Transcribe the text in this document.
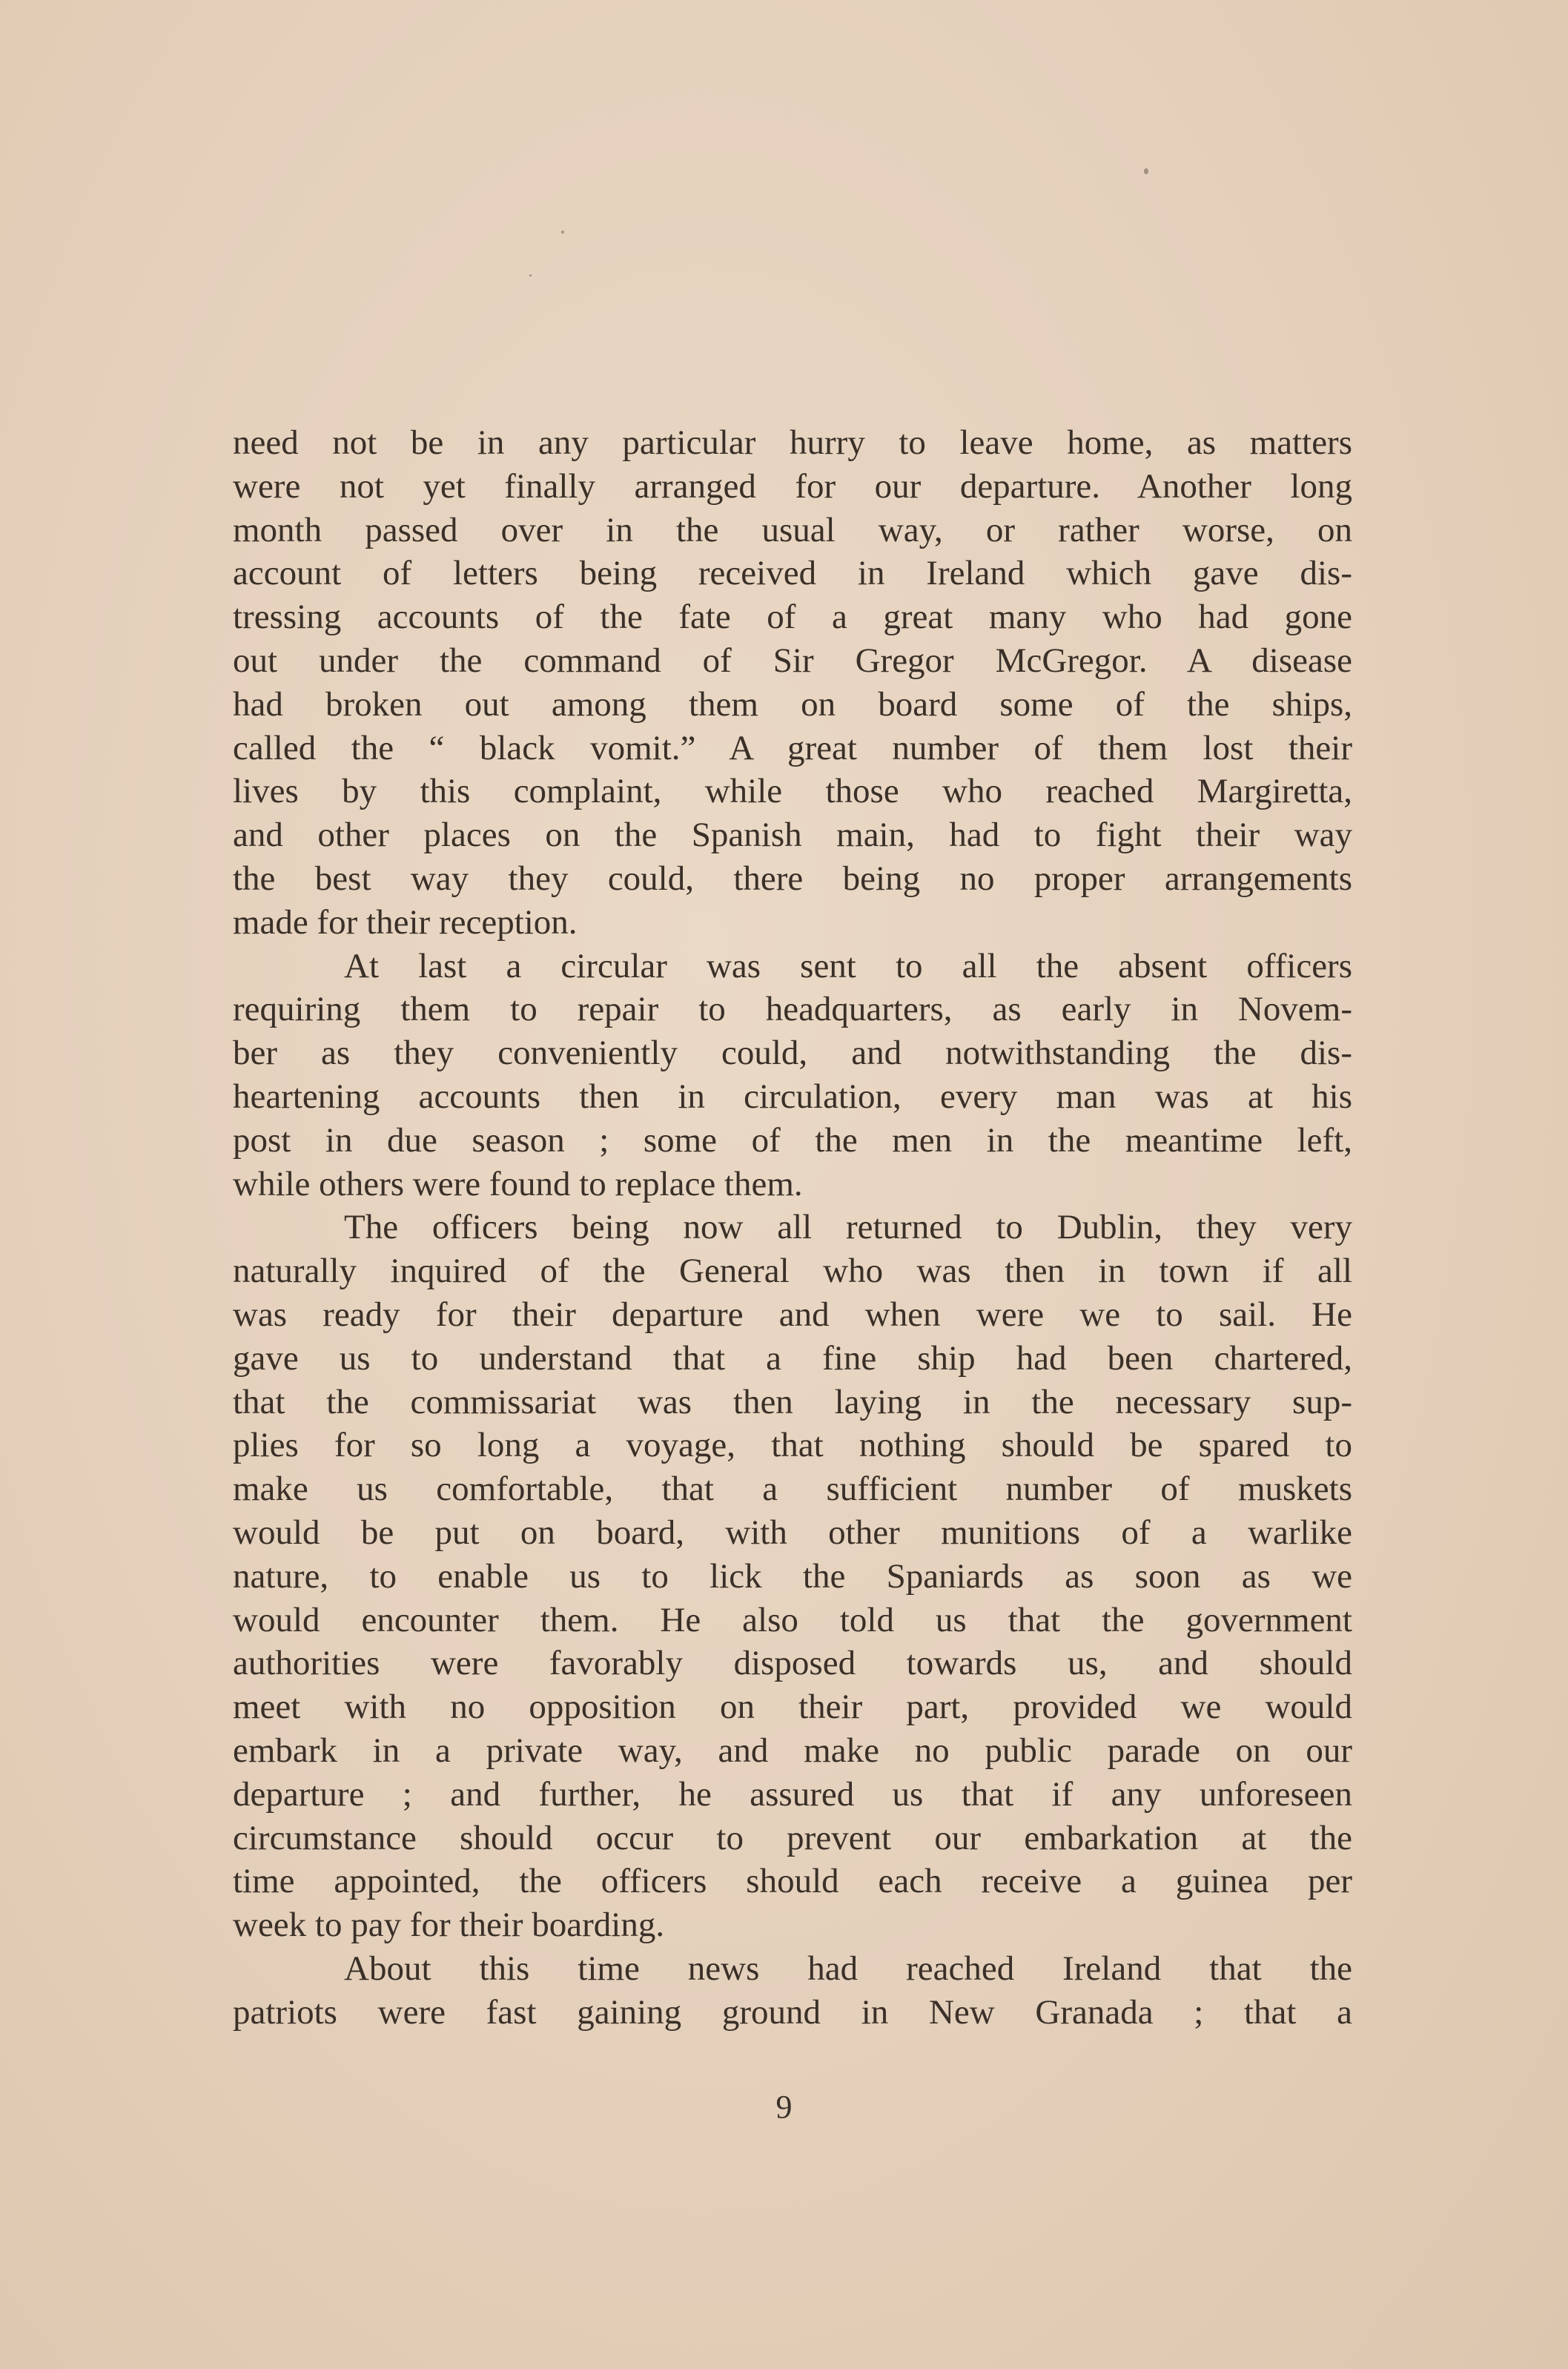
need not be in any particular hurry to leave home, as matters
were not yet finally arranged for our departure. Another long
month passed over in the usual way, or rather worse, on
account of letters being received in Ireland which gave dis-
tressing accounts of the fate of a great many who had gone
out under the command of Sir Gregor McGregor. A disease
had broken out among them on board some of the ships,
called the “ black vomit.” A great number of them lost their
lives by this complaint, while those who reached Margiretta,
and other places on the Spanish main, had to fight their way
the best way they could, there being no proper arrangements
made for their reception.
At last a circular was sent to all the absent officers
requiring them to repair to headquarters, as early in Novem-
ber as they conveniently could, and notwithstanding the dis-
heartening accounts then in circulation, every man was at his
post in due season ; some of the men in the meantime left,
while others were found to replace them.
The officers being now all returned to Dublin, they very
naturally inquired of the General who was then in town if all
was ready for their departure and when were we to sail. He
gave us to understand that a fine ship had been chartered,
that the commissariat was then laying in the necessary sup-
plies for so long a voyage, that nothing should be spared to
make us comfortable, that a sufficient number of muskets
would be put on board, with other munitions of a warlike
nature, to enable us to lick the Spaniards as soon as we
would encounter them. He also told us that the government
authorities were favorably disposed towards us, and should
meet with no opposition on their part, provided we would
embark in a private way, and make no public parade on our
departure ; and further, he assured us that if any unforeseen
circumstance should occur to prevent our embarkation at the
time appointed, the officers should each receive a guinea per
week to pay for their boarding.
About this time news had reached Ireland that the
patriots were fast gaining ground in New Granada ; that a
9
